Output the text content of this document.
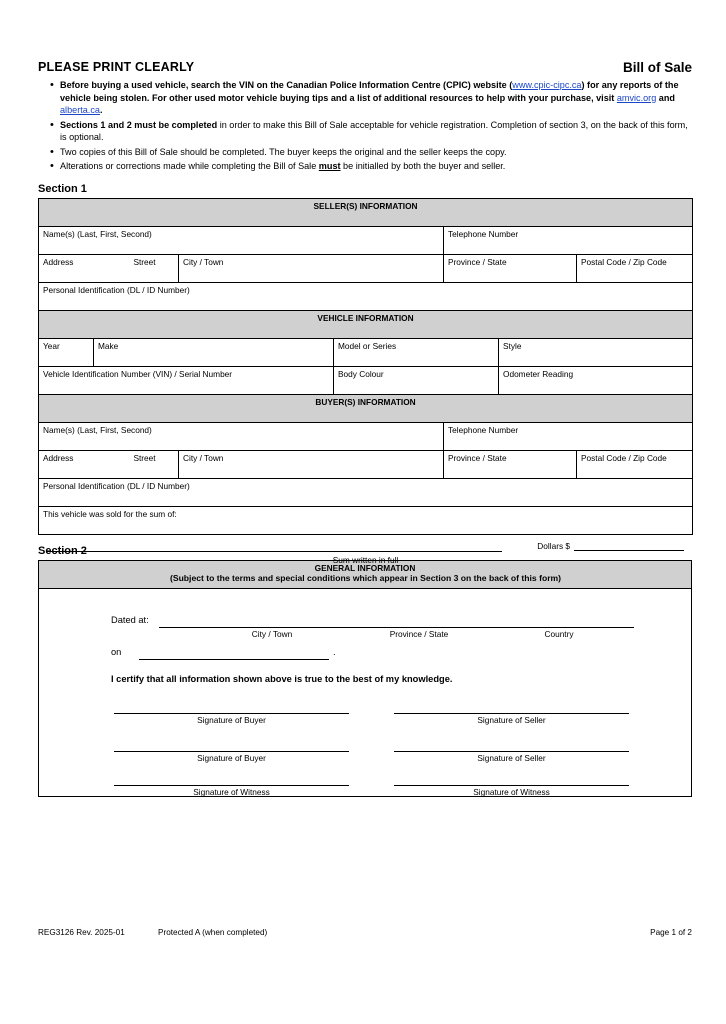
PLEASE PRINT CLEARLY	Bill of Sale
• Before buying a used vehicle, search the VIN on the Canadian Police Information Centre (CPIC) website (www.cpic-cipc.ca) for any reports of the vehicle being stolen. For other used motor vehicle buying tips and a list of additional resources to help with your purchase, visit amvic.org and alberta.ca.
• Sections 1 and 2 must be completed in order to make this Bill of Sale acceptable for vehicle registration. Completion of section 3, on the back of this form, is optional.
• Two copies of this Bill of Sale should be completed. The buyer keeps the original and the seller keeps the copy.
• Alterations or corrections made while completing the Bill of Sale must be initialled by both the buyer and seller.
Section 1
SELLER(S) INFORMATION						
Name(s) (Last, First, Second)				Telephone Number		
Address Street		City / Town		Province / State		Postal Code / Zip Code
Personal Identification (DL / ID Number)						
VEHICLE INFORMATION						
Year	Make		Model or Series		Style	
Vehicle Identification Number (VIN) / Serial Number			Body Colour		Odometer Reading	
BUYER(S) INFORMATION						
Name(s) (Last, First, Second)				Telephone Number		
Address Street		City / Town		Province / State		Postal Code / Zip Code
Personal Identification (DL / ID Number)						

This vehicle was sold for the sum of:
Dollars $
Sum written in full
(Subject to the terms and special conditions which appear in Section 3 on the back of this form)						
Section 2
GENERAL INFORMATION
Dated at:
City / Town	Province / State	Country
on	.
I certify that all information shown above is true to the best of my knowledge.
Signature of Buyer	Signature of Seller
Signature of Buyer	Signature of Seller
Signature of Witness	Signature of Witness
REG3126 Rev. 2025-01	Protected A (when completed)	Page 1 of 2
